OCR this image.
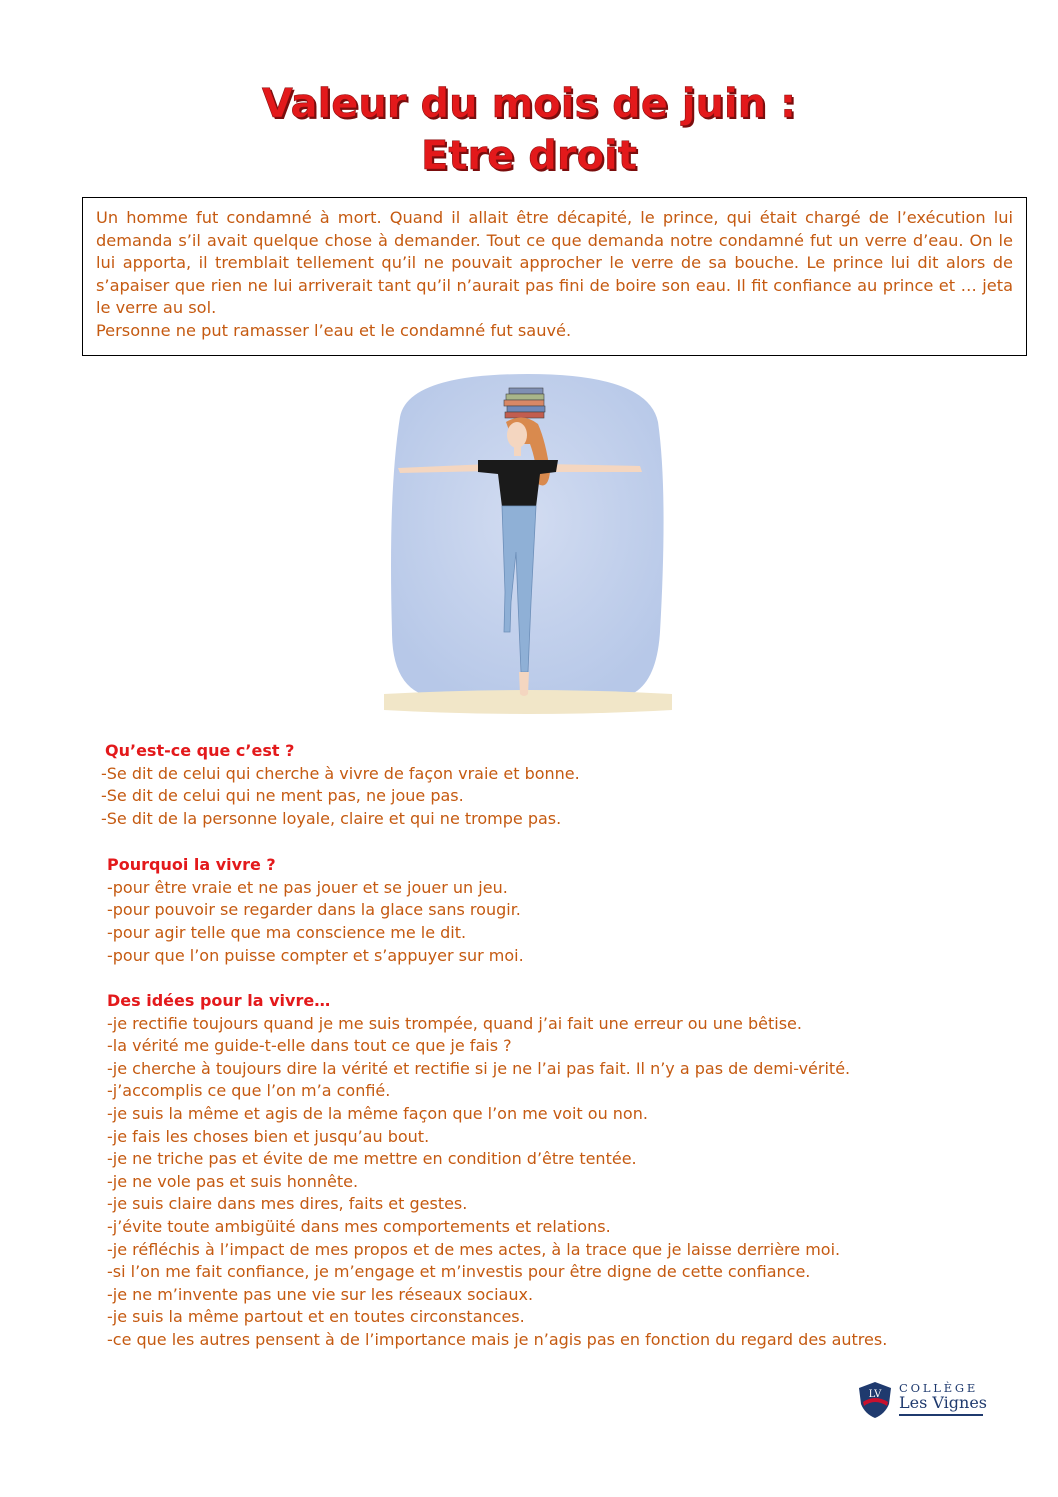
Valeur du mois de juin :
Etre droit
Un homme fut condamné à mort. Quand il allait être décapité, le prince, qui était chargé de l’exécution lui demanda s’il avait quelque chose à demander. Tout ce que demanda notre condamné fut un verre d’eau. On le lui apporta, il tremblait tellement qu’il ne pouvait approcher le verre de sa bouche. Le prince lui dit alors de s’apaiser que rien ne lui arriverait tant qu’il n’aurait pas fini de boire son eau. Il fit confiance au prince et … jeta le verre au sol.
Personne ne put ramasser l’eau et le condamné fut sauvé.
Qu’est-ce que c’est ?
-Se dit de celui qui cherche à vivre de façon vraie et bonne.
-Se dit de celui qui ne ment pas, ne joue pas.
-Se dit de la personne loyale, claire et qui ne trompe pas.
Pourquoi la vivre ?
-pour être vraie et ne pas jouer et se jouer un jeu.
-pour pouvoir se regarder dans la glace sans rougir.
-pour agir telle que ma conscience me le dit.
-pour que l’on puisse compter et s’appuyer sur moi.
Des idées pour la vivre…
-je rectifie toujours quand je me suis trompée, quand j’ai fait une erreur ou une bêtise.
-la vérité me guide-t-elle dans tout ce que je fais ?
-je cherche à toujours dire la vérité et rectifie si je ne l’ai pas fait. Il n’y a pas de demi-vérité.
-j’accomplis ce que l’on m’a confié.
-je suis la même et agis de la même façon que l’on me voit ou non.
-je fais les choses bien et jusqu’au bout.
-je ne triche pas et évite de me mettre en condition d’être tentée.
-je ne vole pas et suis honnête.
-je suis claire dans mes dires, faits et gestes.
-j’évite toute ambigüité dans mes comportements et relations.
-je réfléchis à l’impact de mes propos et de mes actes, à la trace que je laisse derrière moi.
-si l’on me fait confiance, je m’engage et m’investis pour être digne de cette confiance.
-je ne m’invente pas une vie sur les réseaux sociaux.
-je suis la même partout et en toutes circonstances.
-ce que les autres pensent à de l’importance mais je n’agis pas en fonction du regard des autres.
LV COLLÈGE
Les Vignes
